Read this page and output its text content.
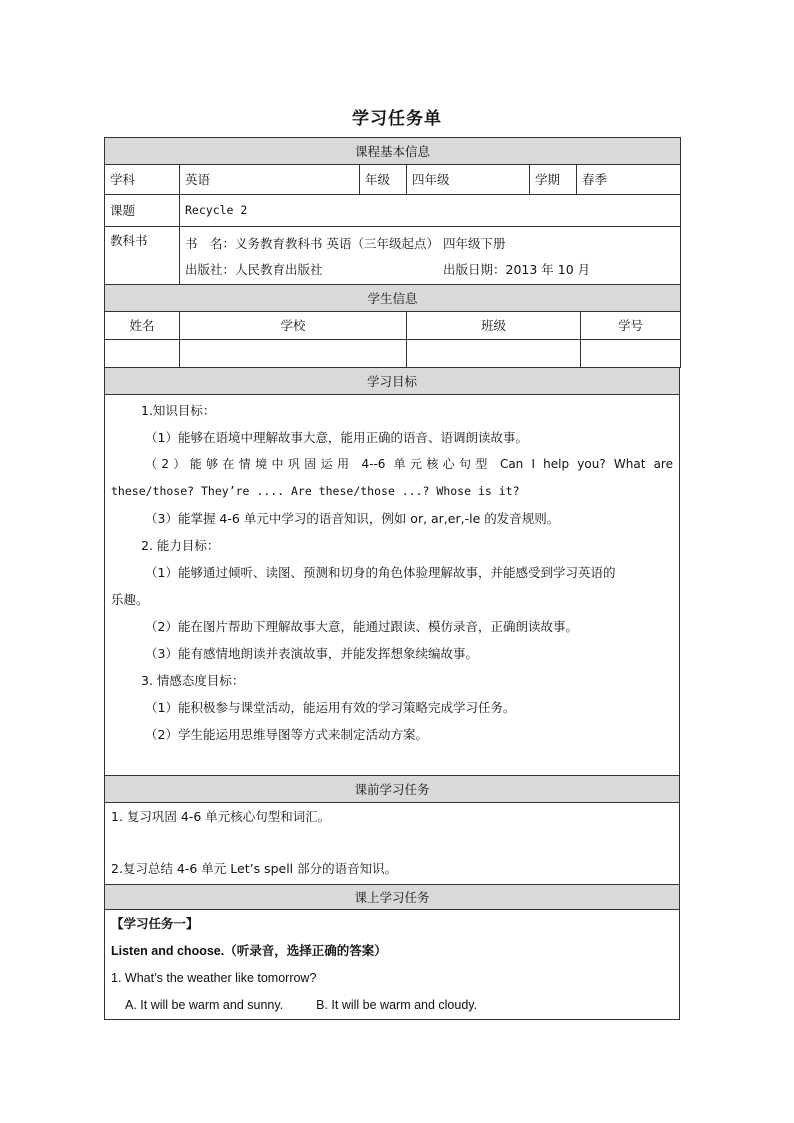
学习任务单
课程基本信息					
学科	英语	年级	四年级	学期	春季
课题	Recycle 2				
教科书	书　名：义务教育教科书 英语（三年级起点） 四年级下册
出版社：人民教育出版社 出版日期：2013 年 10 月				
学生信息			
姓名	学校	班级	学号

学习目标

1.知识目标：

（1）能够在语境中理解故事大意，能用正确的语音、语调朗读故事。

（2）能够在情境中巩固运用 4--6 单元核心句型 Can I help you? What are

these/those? They’re .... Are these/those ...? Whose is it?

（3）能掌握 4-6 单元中学习的语音知识，例如 or, ar,er,-le 的发音规则。

2. 能力目标：

（1）能够通过倾听、读图、预测和切身的角色体验理解故事，并能感受到学习英语的

乐趣。

（2）能在图片帮助下理解故事大意，能通过跟读、模仿录音，正确朗读故事。

（3）能有感情地朗读并表演故事，并能发挥想象续编故事。

3. 情感态度目标：

（1）能积极参与课堂活动，能运用有效的学习策略完成学习任务。

（2）学生能运用思维导图等方式来制定活动方案。

课前学习任务

1. 复习巩固 4-6 单元核心句型和词汇。

2.复习总结 4-6 单元 Let’s spell 部分的语音知识。

课上学习任务

【学习任务一】

Listen and choose.（听录音，选择正确的答案）

1. What’s the weather like tomorrow?

A. It will be warm and sunny.	B. It will be warm and cloudy.
